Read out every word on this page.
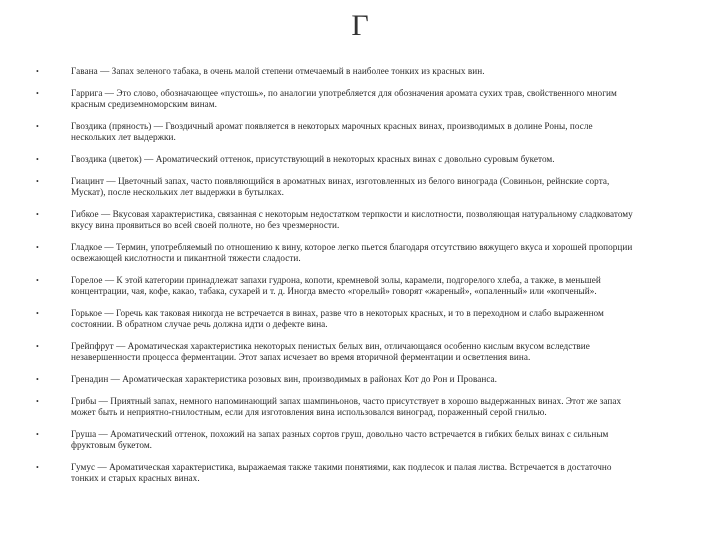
Г
•	Гавана — Запах зеленого табака, в очень малой степени отмечаемый в наиболее тонких из красных вин.
•	Гаррига — Это слово, обозначающее «пустошь», по аналогии употребляется для обозначения аромата сухих трав, свойственного многим красным средиземноморским винам.
•	Гвоздика (пряность) — Гвоздичный аромат появляется в некоторых марочных красных винах, производимых в долине Роны, после нескольких лет выдержки.
•	Гвоздика (цветок) — Ароматический оттенок, присутствующий в некоторых красных винах с довольно суровым букетом.
•	Гиацинт — Цветочный запах, часто появляющийся в ароматных винах, изготовленных из белого винограда (Совиньон, рейнские сорта, Мускат), после нескольких лет выдержки в бутылках.
•	Гибкое — Вкусовая характеристика, связанная с некоторым недостатком терпкости и кислотности, позволяющая натуральному сладковатому вкусу вина проявиться во всей своей полноте, но без чрезмерности.
•	Гладкое — Термин, употребляемый по отношению к вину, которое легко пьется благодаря отсутствию вяжущего вкуса и хорошей пропорции освежающей кислотности и пикантной тяжести сладости.
•	Горелое — К этой категории принадлежат запахи гудрона, копоти, кремневой золы, карамели, подгорелого хлеба, а также, в меньшей концентрации, чая, кофе, какао, табака, сухарей и т. д. Иногда вместо «горелый» говорят «жареный», «опаленный» или «копченый».
•	Горькое — Горечь как таковая никогда не встречается в винах, разве что в некоторых красных, и то в переходном и слабо выраженном состоянии. В обратном случае речь должна идти о дефекте вина.
•	Грейпфрут — Ароматическая характеристика некоторых пенистых белых вин, отличающаяся особенно кислым вкусом вследствие незавершенности процесса ферментации. Этот запах исчезает во время вторичной ферментации и осветления вина.
•	Гренадин — Ароматическая характеристика розовых вин, производимых в районах Кот до Рон и Прованса.
•	Грибы — Приятный запах, немного напоминающий запах шампиньонов, часто присутствует в хорошо выдержанных винах. Этот же запах может быть и неприятно-гнилостным, если для изготовления вина использовался виноград, пораженный серой гнилью.
•	Груша — Ароматический оттенок, похожий на запах разных сортов груш, довольно часто встречается в гибких белых винах с сильным фруктовым букетом.
•	Гумус — Ароматическая характеристика, выражаемая также такими понятиями, как подлесок и палая листва. Встречается в достаточно тонких и старых красных винах.
